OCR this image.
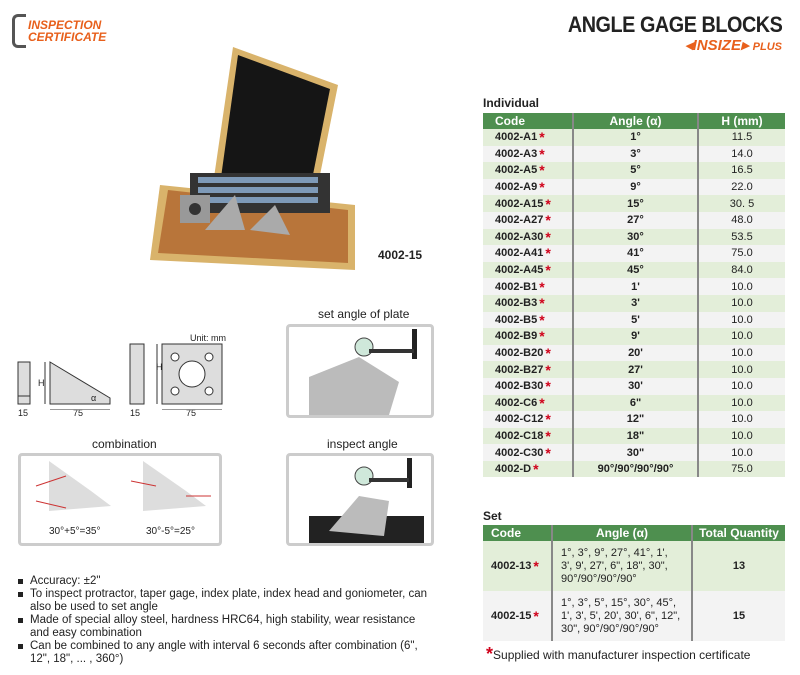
INSPECTION
CERTIFICATE	ANGLE GAGE BLOCKS
◂INSIZE▸ PLUS
4002-15
Unit: mm
15	75
H
α
15	75
H
set angle of plate
combination
30°+5°=35°	30°-5°=25°
inspect angle
Accuracy: ±2"
To inspect protractor, taper gage, index plate, index head and goniometer, can also be used to set angle
Made of special alloy steel, hardness HRC64, high stability, wear resistance and easy combination
Can be combined to any angle with interval 6 seconds after combination (6", 12", 18", ... , 360°)
Individual
Code	Angle (α)	H (mm)
4002-A1 *	1°	11.5
4002-A3 *	3°	14.0
4002-A5 *	5°	16.5
4002-A9 *	9°	22.0
4002-A15 *	15°	30. 5
4002-A27 *	27°	48.0
4002-A30 *	30°	53.5
4002-A41 *	41°	75.0
4002-A45 *	45°	84.0
4002-B1 *	1'	10.0
4002-B3 *	3'	10.0
4002-B5 *	5'	10.0
4002-B9 *	9'	10.0
4002-B20 *	20'	10.0
4002-B27 *	27'	10.0
4002-B30 *	30'	10.0
4002-C6 *	6"	10.0
4002-C12 *	12"	10.0
4002-C18 *	18"	10.0
4002-C30 *	30"	10.0
4002-D *	90°/90°/90°/90°	75.0
Set
Code	Angle (α)	Total Quantity
4002-13 *	1°, 3°, 9°, 27°, 41°, 1',
3', 9', 27', 6", 18", 30",
90°/90°/90°/90°	13
4002-15 *	1°, 3°, 5°, 15°, 30°, 45°,
1', 3', 5', 20', 30', 6", 12",
30", 90°/90°/90°/90°	15
*Supplied with manufacturer inspection certificate
